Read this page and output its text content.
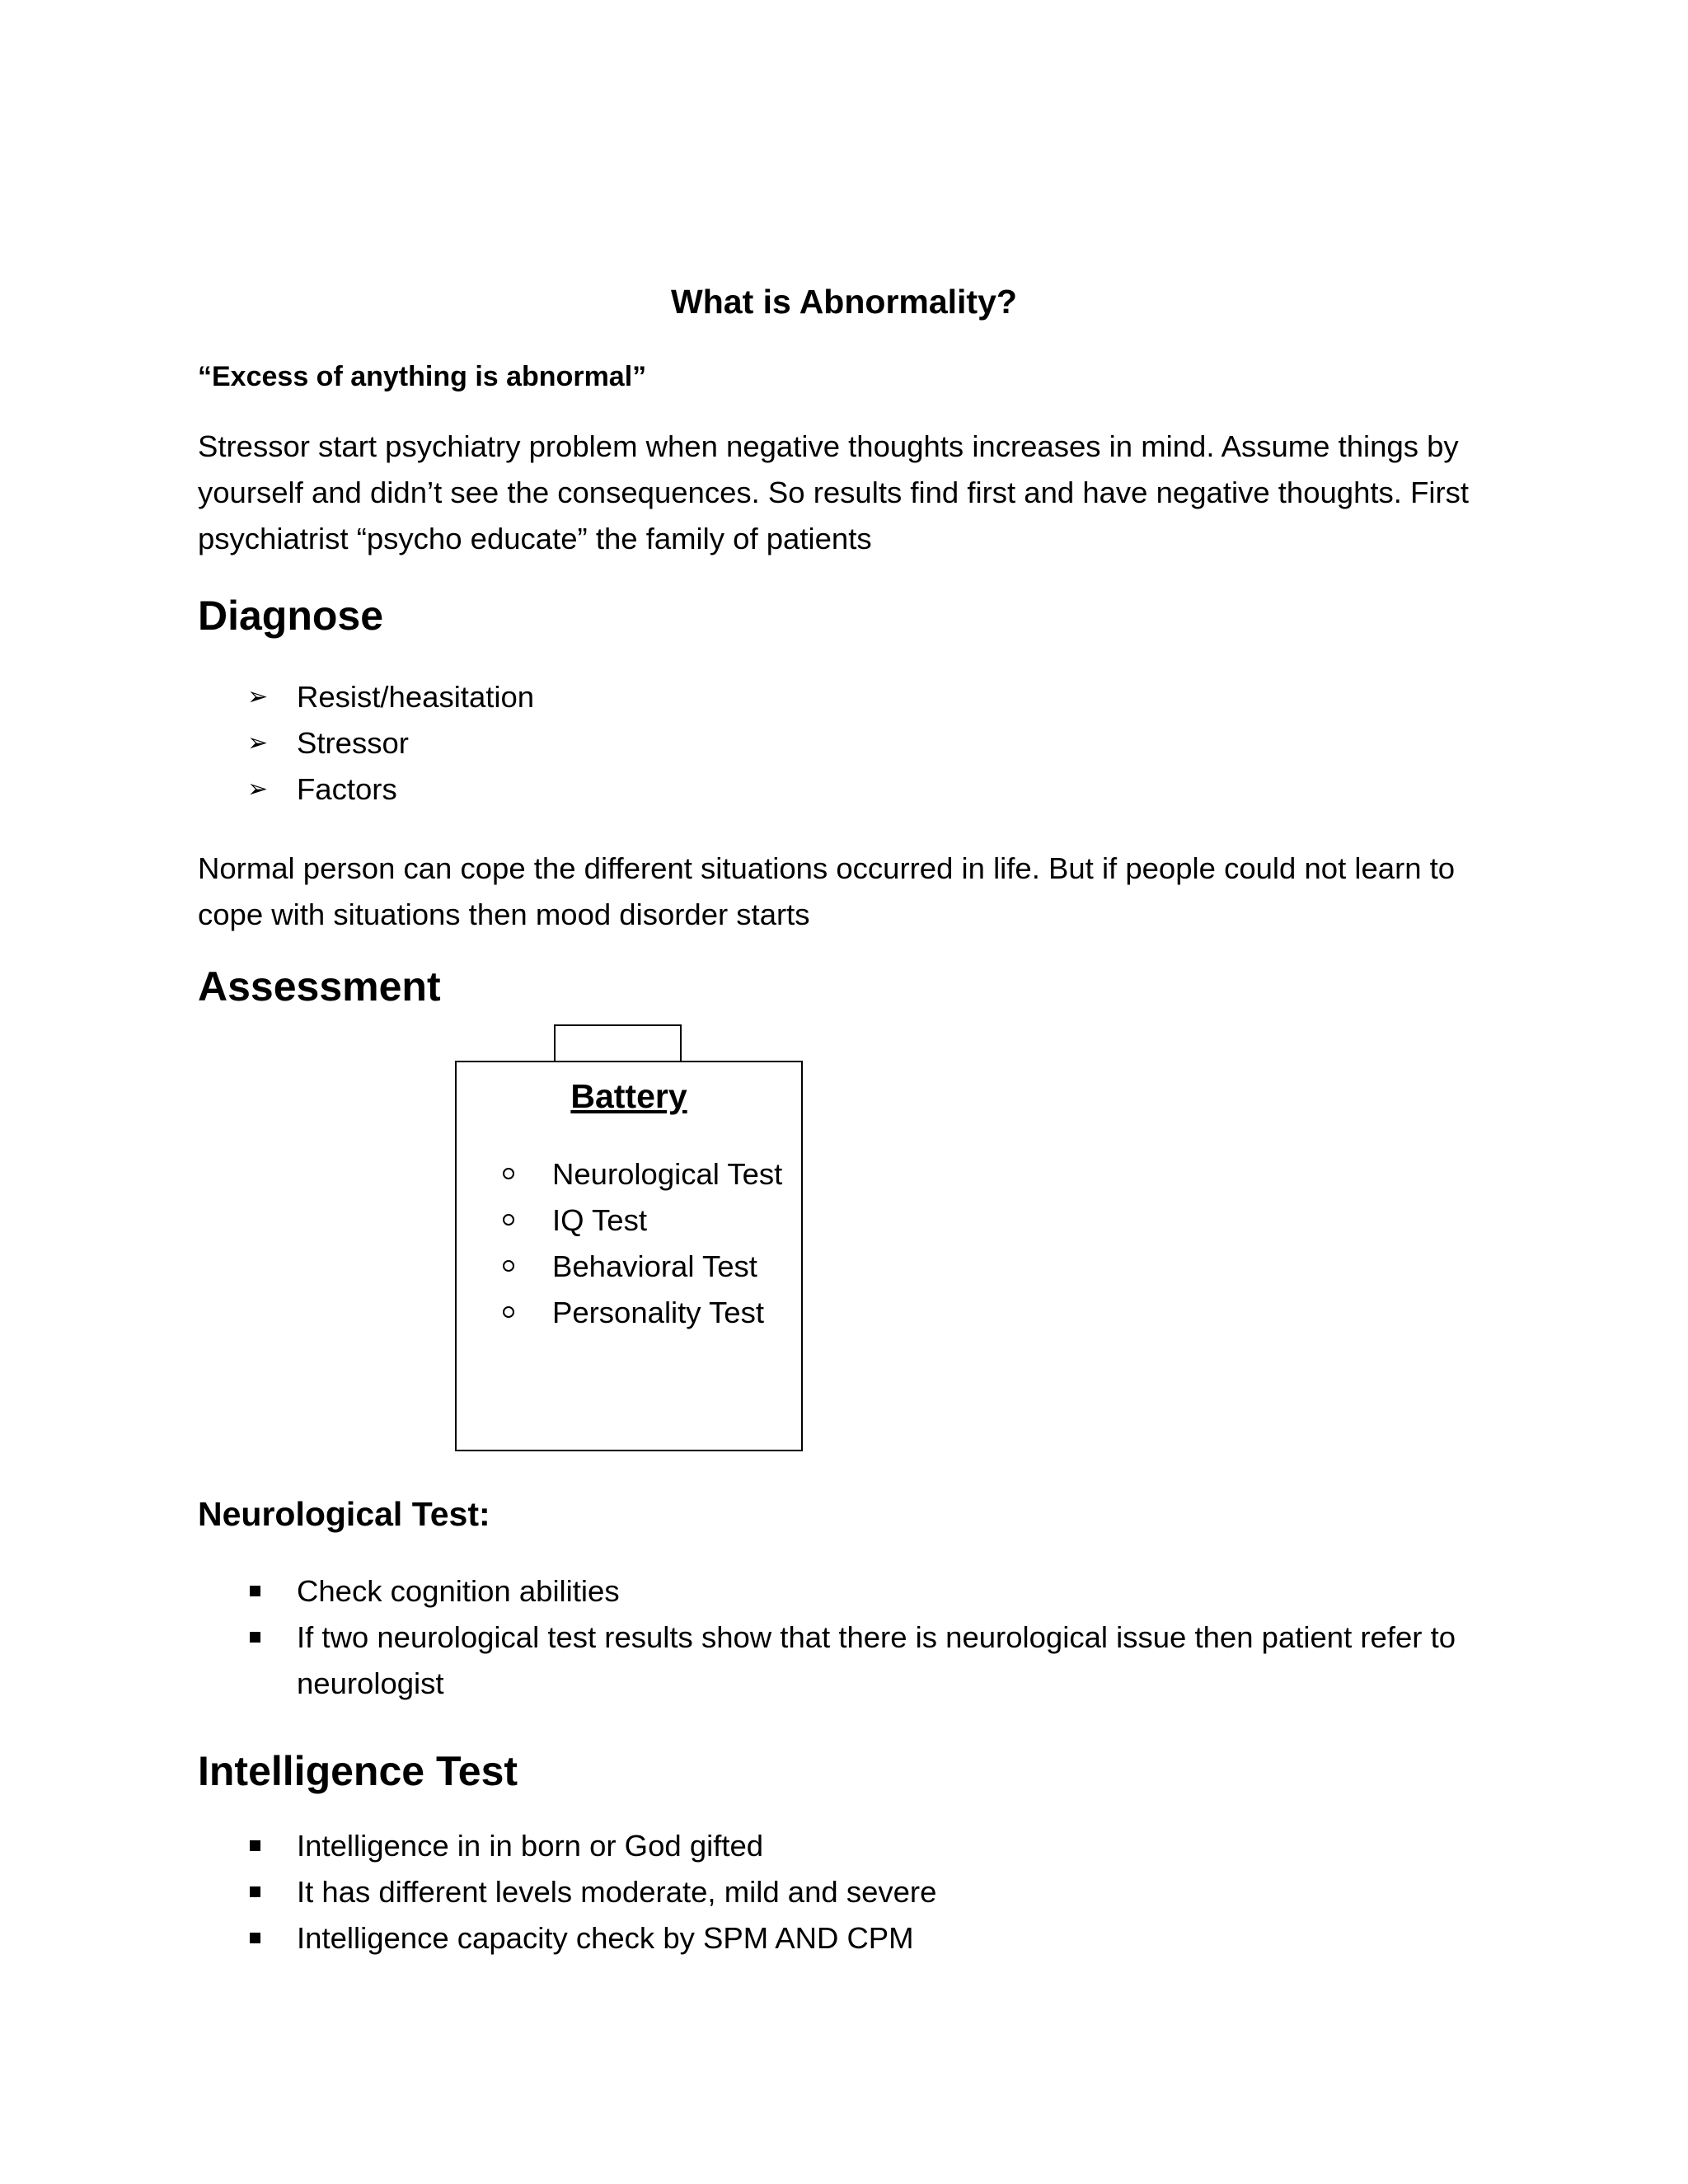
What is Abnormality?
“Excess of anything is abnormal”
Stressor start psychiatry problem when negative thoughts increases in mind. Assume things by yourself and didn’t see the consequences. So results find first and have negative thoughts. First psychiatrist “psycho educate” the family of patients
Diagnose
➢ Resist/heasitation
➢ Stressor
➢ Factors
Normal person can cope the different situations occurred in life. But if people could not learn to cope with situations then mood disorder starts
Assessment
Battery
Neurological Test
IQ Test
Behavioral Test
Personality Test
Neurological Test:
Check cognition abilities
If two neurological test results show that there is neurological issue then patient refer to neurologist
Intelligence Test
Intelligence in in born or God gifted
It has different levels moderate, mild and severe
Intelligence capacity check by SPM AND CPM
